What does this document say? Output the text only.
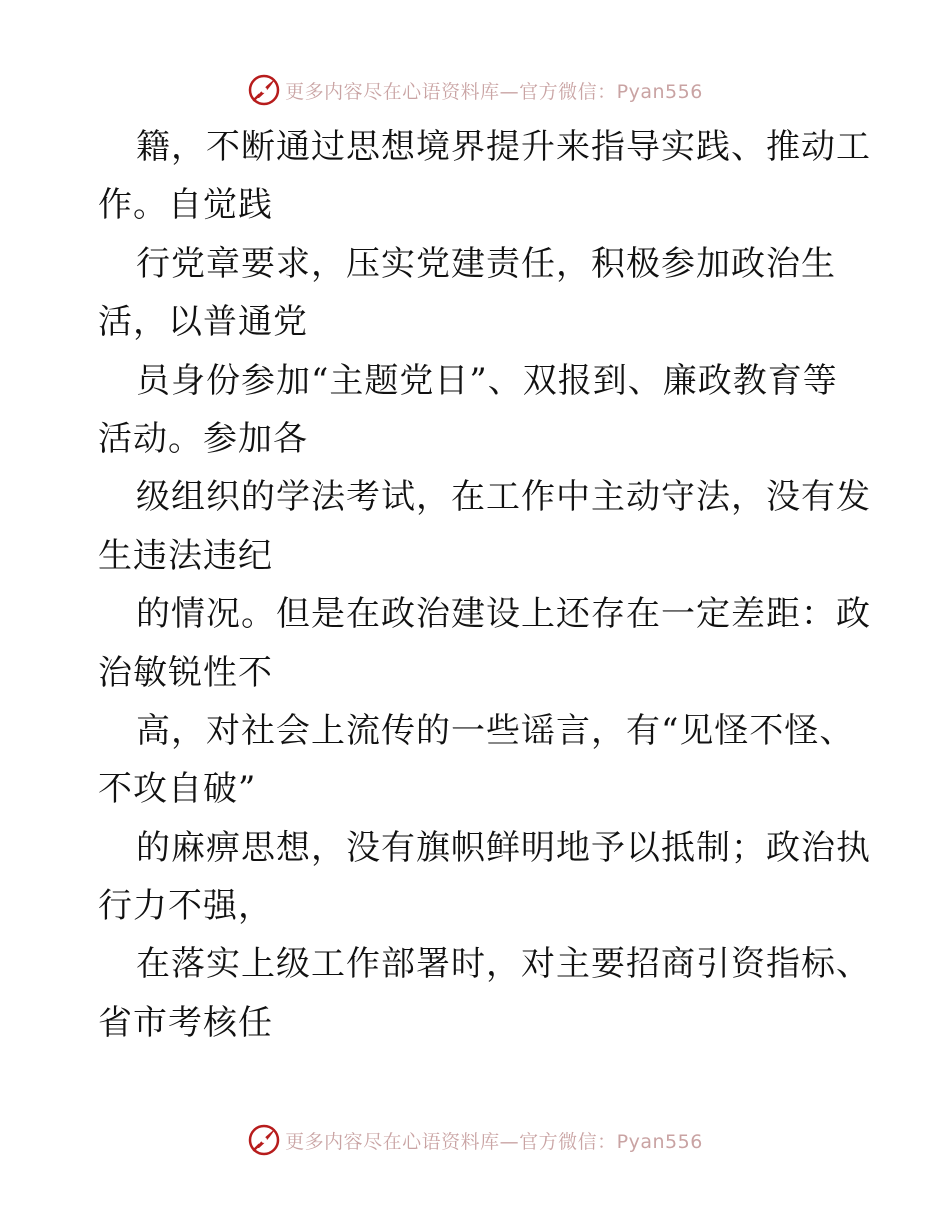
更多内容尽在心语资料库—官方微信：Pyan556
籍，不断通过思想境界提升来指导实践、推动工
作。自觉践
行党章要求，压实党建责任，积极参加政治生
活，以普通党
员身份参加“主题党日”、双报到、廉政教育等
活动。参加各
级组织的学法考试，在工作中主动守法，没有发
生违法违纪
的情况。但是在政治建设上还存在一定差距：政
治敏锐性不
高，对社会上流传的一些谣言，有“见怪不怪、
不攻自破”
的麻痹思想，没有旗帜鲜明地予以抵制；政治执
行力不强，
在落实上级工作部署时，对主要招商引资指标、
省市考核任
更多内容尽在心语资料库—官方微信：Pyan556
